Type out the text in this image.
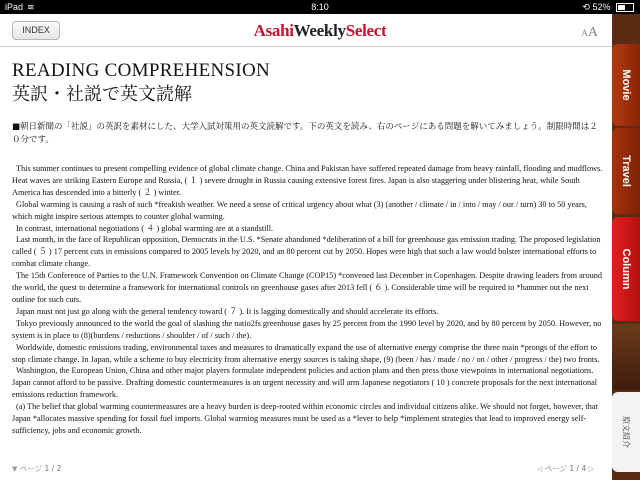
iPad ≋	8:10	⟲ 52%
INDEX	AsahiWeeklySelect	AA
READING COMPREHENSION
英訳・社説で英文読解
■朝日新聞の「社説」の英訳を素材にした、大学入試対策用の英文読解です。下の英文を読み、右のページにある問題を解いてみましょう。制限時間は２０分です。

This summer continues to present compelling evidence of global climate change. China and Pakistan have suffered repeated damage from heavy rainfall, flooding and mudflows. Heat waves are striking Eastern Europe and Russia, ( １ ) severe drought in Russia causing extensive forest fires. Japan is also staggering under blistering heat, while South America has descended into a bitterly ( ２ ) winter.

Global warming is causing a rash of such *freakish weather. We need a sense of critical urgency about what (3) (another / climate / in / into / may / our / turn) 30 to 50 years, which might inspire serious attempts to counter global warming.

In contrast, international negotiations ( ４ ) global warming are at a standstill.

Last month, in the face of Republican opposition, Democrats in the U.S. *Senate abandoned *deliberation of a bill for greenhouse gas emission trading. The proposed legislation called ( ５ ) 17 percent cuts in emissions compared to 2005 levels by 2020, and an 80 percent cut by 2050. Hopes were high that such a law would bolster international efforts to combat climate change.

The 15th Conference of Parties to the U.N. Framework Convention on Climate Change (COP15) *convened last December in Copenhagen. Despite drawing leaders from around the world, the quest to determine a framework for international controls on greenhouse gases after 2013 fell ( ６ ). Considerable time will be required to *hammer out the next outline for such cuts.

Japan must not just go along with the general tendency toward ( ７ ). It is lagging domestically and should accelerate its efforts.

Tokyo previously announced to the world the goal of slashing the natio2fs greenhouse gases by 25 percent from the 1990 level by 2020, and by 80 percent by 2050. However, no system is in place to (8)(burdens / reductions / shoulder / of / such / the).

Worldwide, domestic emissions trading, environmental taxes and measures to dramatically expand the use of alternative energy comprise the three main *prongs of the effort to stop climate change. In Japan, while a scheme to buy electricity from alternative energy sources is taking shape, (9) (been / has / made / no / on / other / progress / the) two fronts.

Washington, the European Union, China and other major players formulate independent policies and action plans and then press those viewpoints in international negotiations. Japan cannot afford to be passive. Drafting domestic countermeasures is an urgent necessity and will arm Japanese negotiators ( 10 ) concrete proposals for the next international emissions reduction framework.

(a) The belief that global warming countermeasures are a heavy burden is deep-rooted within economic circles and individual citizens alike. We should not forget, however, that Japan *allocates massive spending for fossil fuel imports. Global warming measures must be used as a *lever to help *implement strategies that lead to improved energy self-sufficiency, jobs and economic growth.

▼ ページ 1 / 2	◁ ページ 1 / 4 ▷
Movie
Travel
Column
原文紹介
